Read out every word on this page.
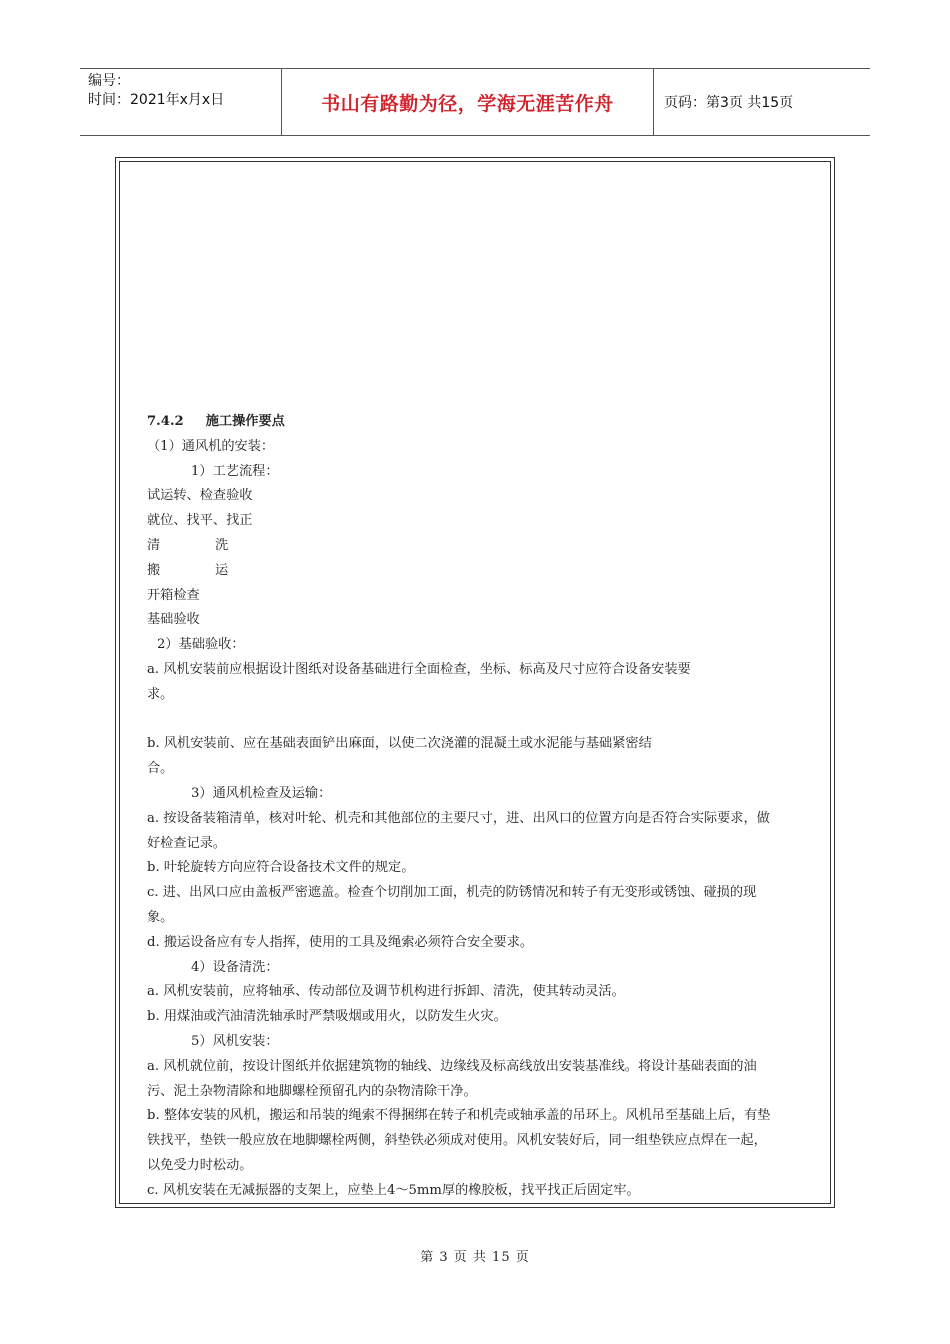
编号：
时间：2021年x月x日	书山有路勤为径，学海无涯苦作舟	页码：第3页 共15页
7.4.2 施工操作要点
（1）通风机的安装：
1）工艺流程：
试运转、检查验收
就位、找平、找正
清	洗
搬	运
开箱检查
基础验收
2）基础验收：
a. 风机安装前应根据设计图纸对设备基础进行全面检查，坐标、标高及尺寸应符合设备安装要
求。
b. 风机安装前、应在基础表面铲出麻面，以使二次浇灌的混凝土或水泥能与基础紧密结
合。
3）通风机检查及运输：
a. 按设备装箱清单，核对叶轮、机壳和其他部位的主要尺寸，进、出风口的位置方向是否符合实际要求，做
好检查记录。
b. 叶轮旋转方向应符合设备技术文件的规定。
c. 进、出风口应由盖板严密遮盖。检查个切削加工面，机壳的防锈情况和转子有无变形或锈蚀、碰损的现
象。
d. 搬运设备应有专人指挥，使用的工具及绳索必须符合安全要求。
4）设备清洗：
a. 风机安装前，应将轴承、传动部位及调节机构进行拆卸、清洗，使其转动灵活。
b. 用煤油或汽油清洗轴承时严禁吸烟或用火，以防发生火灾。
5）风机安装：
a. 风机就位前，按设计图纸并依据建筑物的轴线、边缘线及标高线放出安装基准线。将设计基础表面的油
污、泥土杂物清除和地脚螺栓预留孔内的杂物清除干净。
b. 整体安装的风机，搬运和吊装的绳索不得捆绑在转子和机壳或轴承盖的吊环上。风机吊至基础上后，有垫
铁找平，垫铁一般应放在地脚螺栓两侧，斜垫铁必须成对使用。风机安装好后，同一组垫铁应点焊在一起，
以免受力时松动。
c. 风机安装在无减振器的支架上，应垫上4～5mm厚的橡胶板，找平找正后固定牢。
第 3 页 共 15 页
